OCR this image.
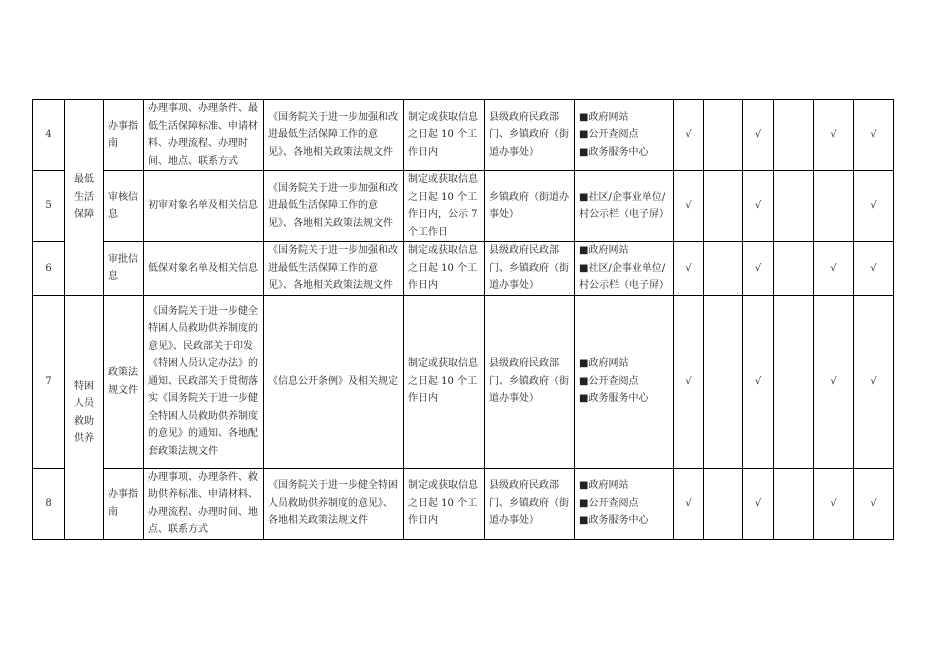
4	最低生活保障	办事指南	办理事项、办理条件、最低生活保障标准、申请材料、办理流程、办理时间、地点、联系方式	《国务院关于进一步加强和改进最低生活保障工作的意见》、各地相关政策法规文件	制定或获取信息之日起 10 个工作日内	县级政府民政部门、乡镇政府（街道办事处）	■政府网站
■公开查阅点
■政务服务中心	√		√		√	√
5		审核信息	初审对象名单及相关信息	《国务院关于进一步加强和改进最低生活保障工作的意见》、各地相关政策法规文件	制定或获取信息之日起 10 个工作日内，公示 7 个工作日	乡镇政府（街道办事处）	■社区/企事业单位/村公示栏（电子屏）	√		√			√
6		审批信息	低保对象名单及相关信息	《国务院关于进一步加强和改进最低生活保障工作的意见》、各地相关政策法规文件	制定或获取信息之日起 10 个工作日内	县级政府民政部门、乡镇政府（街道办事处）	■政府网站
■社区/企事业单位/村公示栏（电子屏）	√		√		√	√
7	特困人员救助供养	政策法规文件	《国务院关于进一步健全特困人员救助供养制度的意见》、民政部关于印发《特困人员认定办法》的通知、民政部关于贯彻落实《国务院关于进一步健全特困人员救助供养制度的意见》的通知、各地配套政策法规文件	《信息公开条例》及相关规定	制定或获取信息之日起 10 个工作日内	县级政府民政部门、乡镇政府（街道办事处）	■政府网站
■公开查阅点
■政务服务中心	√		√		√	√
8		办事指南	办理事项、办理条件、救助供养标准、申请材料、办理流程、办理时间、地点、联系方式	《国务院关于进一步健全特困人员救助供养制度的意见》、各地相关政策法规文件	制定或获取信息之日起 10 个工作日内	县级政府民政部门、乡镇政府（街道办事处）	■政府网站
■公开查阅点
■政务服务中心	√		√		√	√
